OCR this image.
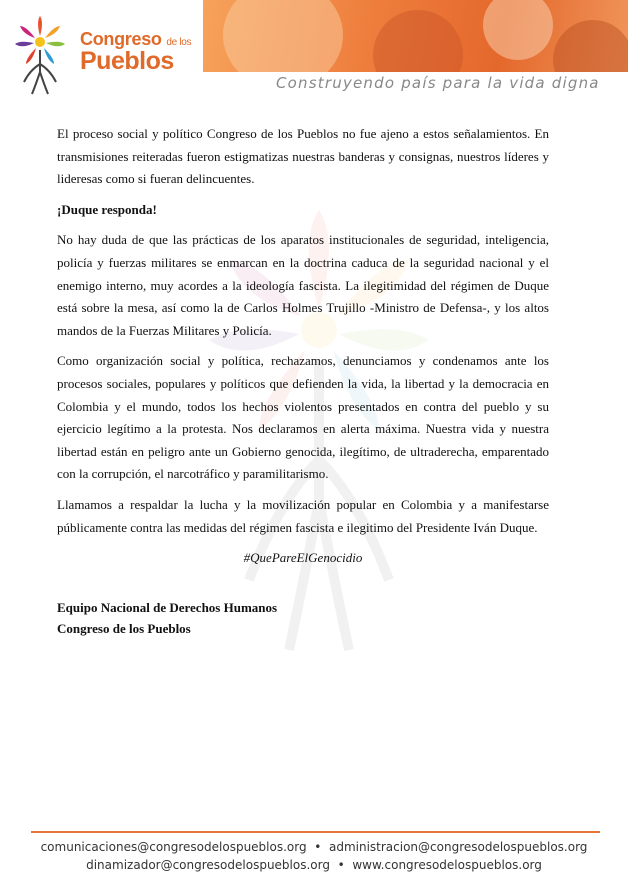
Congreso de los
Pueblos
Construyendo país para la vida digna

El proceso social y político Congreso de los Pueblos no fue ajeno a estos señalamientos. En transmisiones reiteradas fueron estigmatizas nuestras banderas y consignas, nuestros líderes y lideresas como si fueran delincuentes.

¡Duque responda!

No hay duda de que las prácticas de los aparatos institucionales de seguridad, inteligencia, policía y fuerzas militares se enmarcan en la doctrina caduca de la seguridad nacional y el enemigo interno, muy acordes a la ideología fascista. La ilegitimidad del régimen de Duque está sobre la mesa, así como la de Carlos Holmes Trujillo -Ministro de Defensa-, y los altos mandos de la Fuerzas Militares y Policía.

Como organización social y política, rechazamos, denunciamos y condenamos ante los procesos sociales, populares y políticos que defienden la vida, la libertad y la democracia en Colombia y el mundo, todos los hechos violentos presentados en contra del pueblo y su ejercicio legítimo a la protesta. Nos declaramos en alerta máxima. Nuestra vida y nuestra libertad están en peligro ante un Gobierno genocida, ilegítimo, de ultraderecha, emparentado con la corrupción, el narcotráfico y paramilitarismo.

Llamamos a respaldar la lucha y la movilización popular en Colombia y a manifestarse públicamente contra las medidas del régimen fascista e ilegitimo del Presidente Iván Duque.

#QuePareElGenocidio
Equipo Nacional de Derechos Humanos
Congreso de los Pueblos
comunicaciones@congresodelospueblos.org • administracion@congresodelospueblos.org
dinamizador@congresodelospueblos.org • www.congresodelospueblos.org
